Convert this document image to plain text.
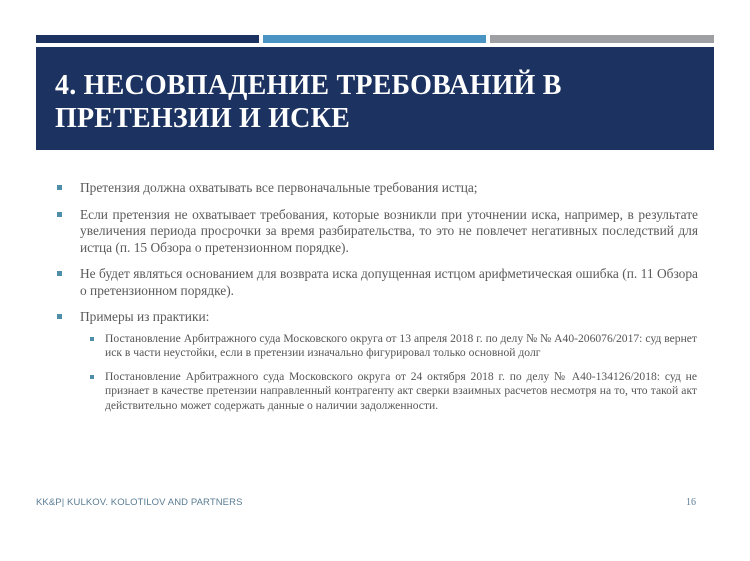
4. НЕСОВПАДЕНИЕ ТРЕБОВАНИЙ В
ПРЕТЕНЗИИ И ИСКЕ
Претензия должна охватывать все первоначальные требования истца;
Если претензия не охватывает требования, которые возникли при уточнении иска, например, в результате увеличения периода просрочки за время разбирательства, то это не повлечет негативных последствий для истца (п. 15 Обзора о претензионном порядке).
Не будет являться основанием для возврата иска допущенная истцом арифметическая ошибка (п. 11 Обзора о претензионном порядке).
Примеры из практики:
Постановление Арбитражного суда Московского округа от 13 апреля 2018 г. по делу № № А40-206076/2017: суд вернет иск в части неустойки, если в претензии изначально фигурировал только основной долг
Постановление Арбитражного суда Московского округа от 24 октября 2018 г. по делу № А40-134126/2018: суд не признает в качестве претензии направленный контрагенту акт сверки взаимных расчетов несмотря на то, что такой акт действительно может содержать данные о наличии задолженности.
KK&P| KULKOV. KOLOTILOV AND PARTNERS	16
